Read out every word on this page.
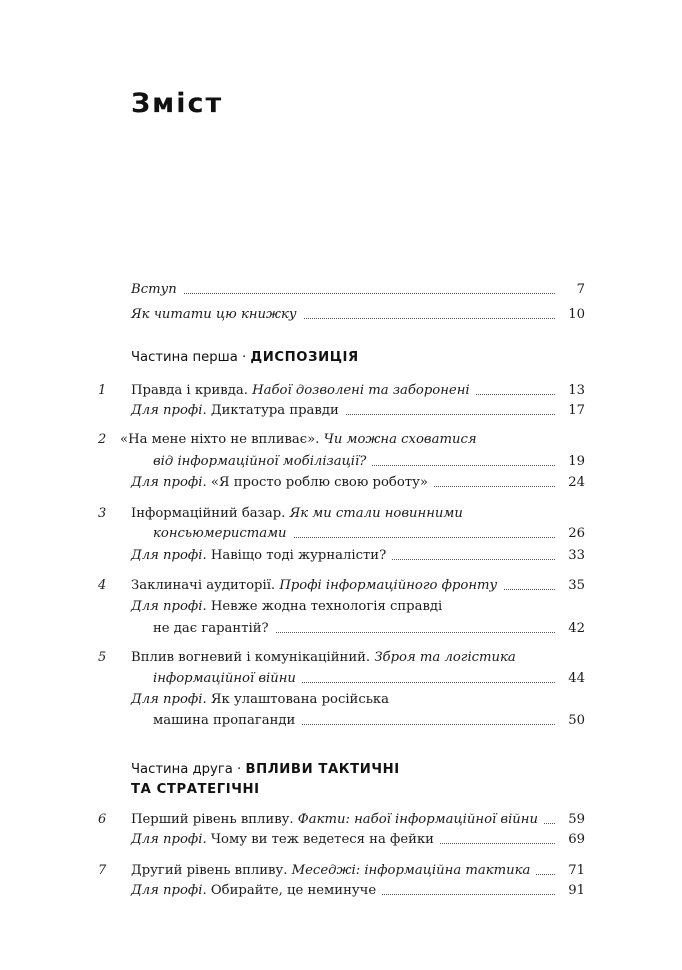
Зміст
Вступ	7
Як читати цю книжку	10
Частина перша · ДИСПОЗИЦІЯ
1	Правда і кривда. Набої дозволені та заборонені	13
Для профі. Диктатура правди	17
2	«На мене ніхто не впливає». Чи можна сховатися
від інформаційної мобілізації?	19
Для профі. «Я просто роблю свою роботу»	24
3	Інформаційний базар. Як ми стали новинними
консьюмеристами	26
Для профі. Навіщо тоді журналісти?	33
4	Заклиначі аудиторії. Профі інформаційного фронту	35
Для профі. Невже жодна технологія справді
не дає гарантій?	42
5	Вплив вогневий і комунікаційний. Зброя та логістика
інформаційної війни	44
Для профі. Як улаштована російська
машина пропаганди	50
Частина друга · ВПЛИВИ ТАКТИЧНІ
ТА СТРАТЕГІЧНІ
6	Перший рівень впливу. Факти: набої інформаційної війни	59
Для профі. Чому ви теж ведетеся на фейки	69
7	Другий рівень впливу. Меседжі: інформаційна тактика	71
Для профі. Обирайте, це неминуче	91
